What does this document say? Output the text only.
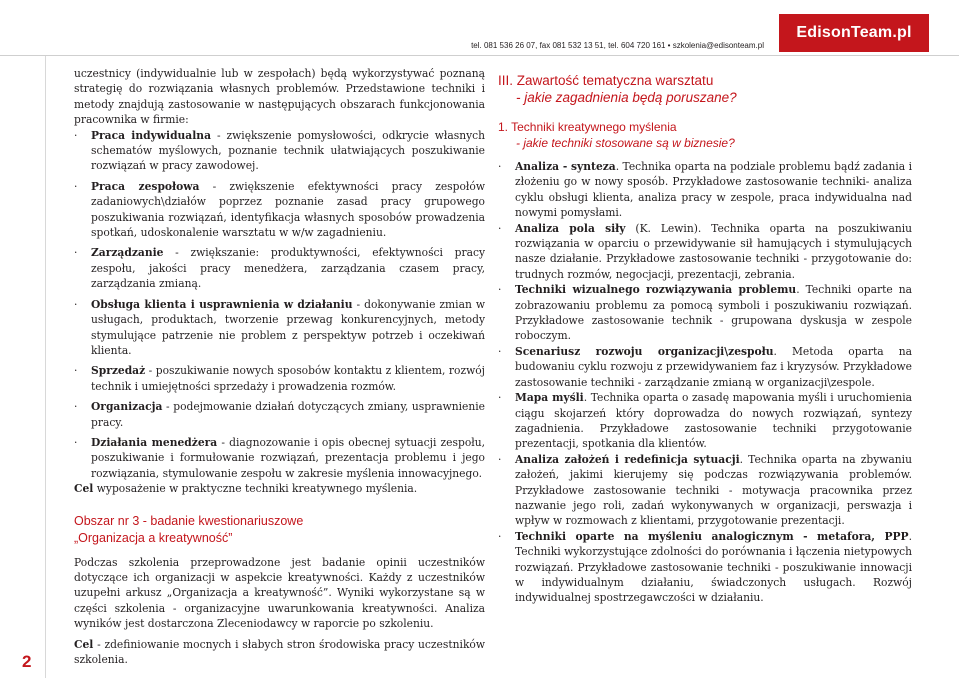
tel. 081 536 26 07, fax 081 532 13 51, tel. 604 720 161 • szkolenia@edisonteam.pl
EdisonTeam.pl
2

uczestnicy (indywidualnie lub w zespołach) będą wykorzystywać poznaną strategię do rozwiązania własnych problemów. Przedstawione techniki i metody znajdują zastosowanie w następujących obszarach funkcjonowania pracownika w firmie:

· Praca indywidualna - zwiększenie pomysłowości, odkrycie własnych schematów myślowych, poznanie technik ułatwiających poszukiwanie rozwiązań w pracy zawodowej.
· Praca zespołowa - zwiększenie efektywności pracy zespołów zadaniowych\działów poprzez poznanie zasad pracy grupowego poszukiwania rozwiązań, identyfikacja własnych sposobów prowadzenia spotkań, udoskonalenie warsztatu w w/w zagadnieniu.
· Zarządzanie - zwiększanie: produktywności, efektywności pracy zespołu, jakości pracy menedżera, zarządzania czasem pracy, zarządzania zmianą.
· Obsługa klienta i usprawnienia w działaniu - dokonywanie zmian w usługach, produktach, tworzenie przewag konkurencyjnych, metody stymulujące patrzenie nie problem z perspektyw potrzeb i oczekiwań klienta.
· Sprzedaż - poszukiwanie nowych sposobów kontaktu z klientem, rozwój technik i umiejętności sprzedaży i prowadzenia rozmów.
· Organizacja - podejmowanie działań dotyczących zmiany, usprawnienie pracy.
· Działania menedżera - diagnozowanie i opis obecnej sytuacji zespołu, poszukiwanie i formułowanie rozwiązań, prezentacja problemu i jego rozwiązania, stymulowanie zespołu w zakresie myślenia innowacyjnego.

Cel wyposażenie w praktyczne techniki kreatywnego myślenia.

Obszar nr 3 - badanie kwestionariuszowe
„Organizacja a kreatywność”

Podczas szkolenia przeprowadzone jest badanie opinii uczestników dotyczące ich organizacji w aspekcie kreatywności. Każdy z uczestników uzupełni arkusz „Organizacja a kreatywność”. Wyniki wykorzystane są w części szkolenia - organizacyjne uwarunkowania kreatywności. Analiza wyników jest dostarczona Zleceniodawcy w raporcie po szkoleniu.

Cel - zdefiniowanie mocnych i słabych stron środowiska pracy uczestników szkolenia.

III. Zawartość tematyczna warsztatu
- jakie zagadnienia będą poruszane?
1. Techniki kreatywnego myślenia
- jakie techniki stosowane są w biznesie?
· Analiza - synteza. Technika oparta na podziale problemu bądź zadania i złożeniu go w nowy sposób. Przykładowe zastosowanie techniki- analiza cyklu obsługi klienta, analiza pracy w zespole, praca indywidualna nad nowymi pomysłami.
· Analiza pola siły (K. Lewin). Technika oparta na poszukiwaniu rozwiązania w oparciu o przewidywanie sił hamujących i stymulujących nasze działanie. Przykładowe zastosowanie techniki - przygotowanie do: trudnych rozmów, negocjacji, prezentacji, zebrania.
· Techniki wizualnego rozwiązywania problemu. Techniki oparte na zobrazowaniu problemu za pomocą symboli i poszukiwaniu rozwiązań. Przykładowe zastosowanie technik - grupowana dyskusja w zespole roboczym.
· Scenariusz rozwoju organizacji\zespołu. Metoda oparta na budowaniu cyklu rozwoju z przewidywaniem faz i kryzysów. Przykładowe zastosowanie techniki - zarządzanie zmianą w organizacji\zespole.
· Mapa myśli. Technika oparta o zasadę mapowania myśli i uruchomienia ciągu skojarzeń który doprowadza do nowych rozwiązań, syntezy zagadnienia. Przykładowe zastosowanie techniki przygotowanie prezentacji, spotkania dla klientów.
· Analiza założeń i redefinicja sytuacji. Technika oparta na zbywaniu założeń, jakimi kierujemy się podczas rozwiązywania problemów. Przykładowe zastosowanie techniki - motywacja pracownika przez nazwanie jego roli, zadań wykonywanych w organizacji, perswazja i wpływ w rozmowach z klientami, przygotowanie prezentacji.
· Techniki oparte na myśleniu analogicznym - metafora, PPP. Techniki wykorzystujące zdolności do porównania i łączenia nietypowych rozwiązań. Przykładowe zastosowanie techniki - poszukiwanie innowacji w indywidualnym działaniu, świadczonych usługach. Rozwój indywidualnej spostrzegawczości w działaniu.
